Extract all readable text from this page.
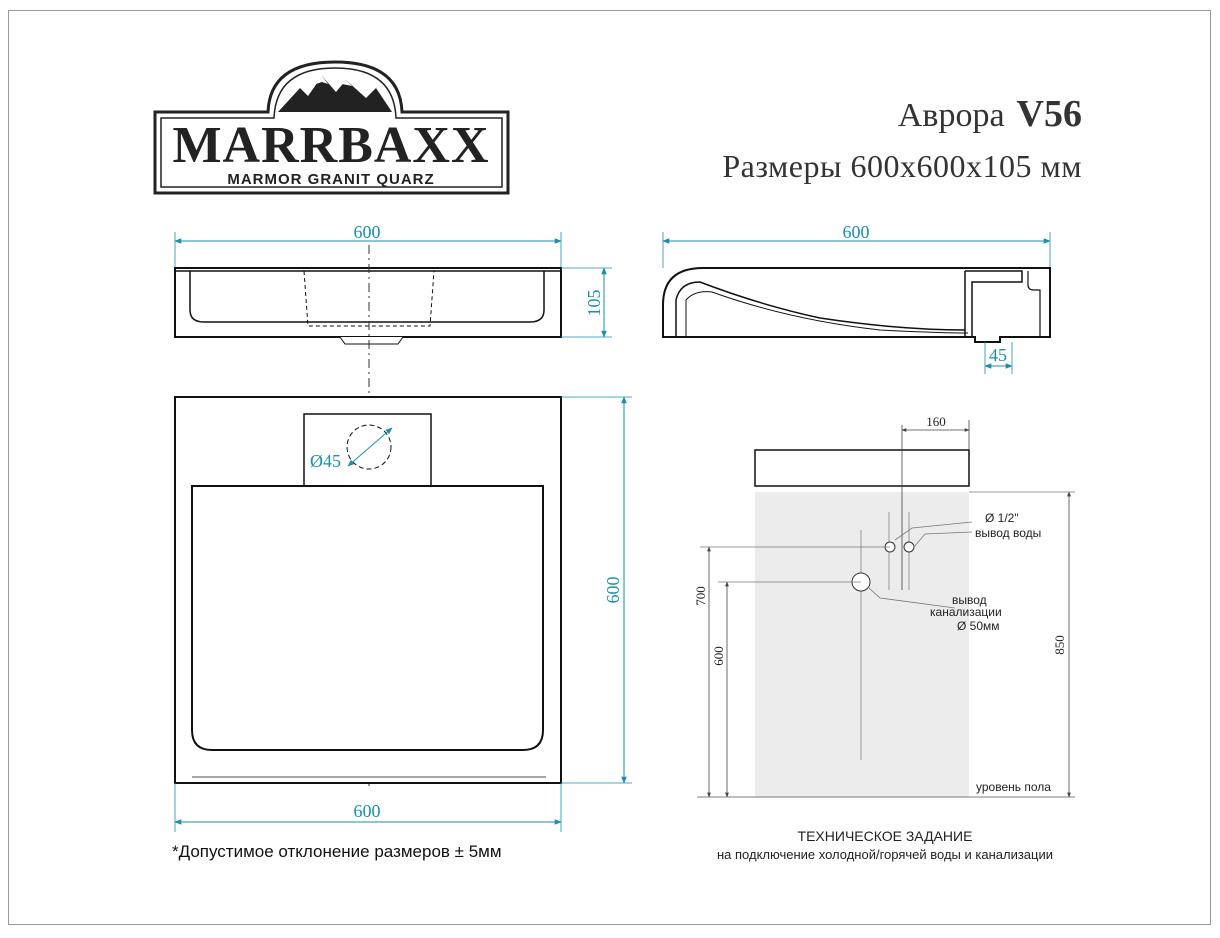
MARRBAXX
MARMOR GRANIT QUARZ
600
105
600
45
Ø45
600
600
160
Ø 1/2"
вывод воды
вывод
канализации
Ø 50мм
700
600
850
уровень пола
Аврора V56
Размеры 600х600х105 мм
*Допустимое отклонение размеров ± 5мм
ТЕХНИЧЕСКОЕ ЗАДАНИЕ
на подключение холодной/горячей воды и канализации
